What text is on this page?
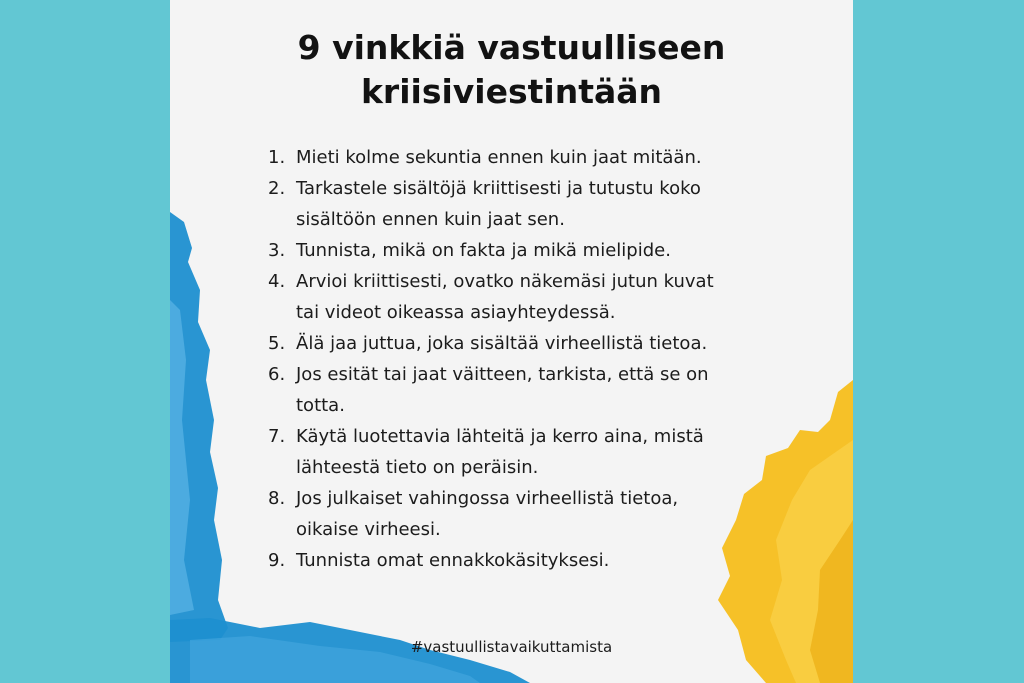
9 vinkkiä vastuulliseen
kriisiviestintään
1. Mieti kolme sekuntia ennen kuin jaat mitään.
2. Tarkastele sisältöjä kriittisesti ja tutustu koko
sisältöön ennen kuin jaat sen.
3. Tunnista, mikä on fakta ja mikä mielipide.
4. Arvioi kriittisesti, ovatko näkemäsi jutun kuvat
tai videot oikeassa asiayhteydessä.
5. Älä jaa juttua, joka sisältää virheellistä tietoa.
6. Jos esität tai jaat väitteen, tarkista, että se on
totta.
7. Käytä luotettavia lähteitä ja kerro aina, mistä
lähteestä tieto on peräisin.
8. Jos julkaiset vahingossa virheellistä tietoa,
oikaise virheesi.
9. Tunnista omat ennakkokäsityksesi.

#vastuullistavaikuttamista
